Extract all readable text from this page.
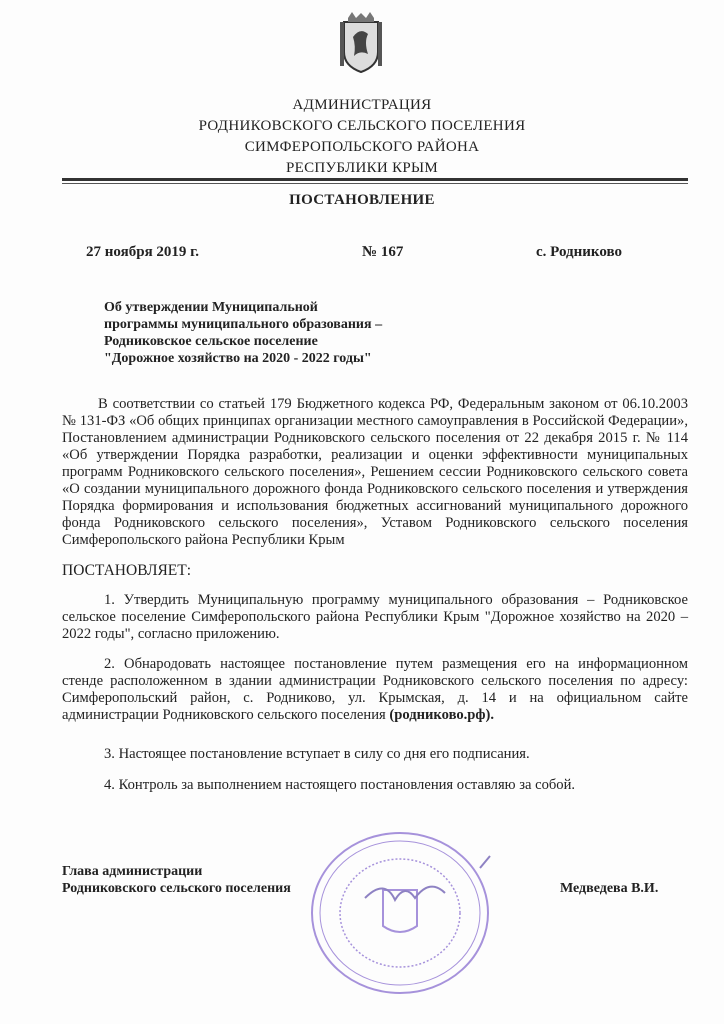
АДМИНИСТРАЦИЯ
РОДНИКОВСКОГО СЕЛЬСКОГО ПОСЕЛЕНИЯ
СИМФЕРОПОЛЬСКОГО РАЙОНА
РЕСПУБЛИКИ КРЫМ
ПОСТАНОВЛЕНИЕ
27 ноября 2019 г.	№ 167	с. Родниково
Об утверждении Муниципальной
программы муниципального образования –
Родниковское сельское поселение
"Дорожное хозяйство на 2020 - 2022 годы"
В соответствии со статьей 179 Бюджетного кодекса РФ, Федеральным законом от 06.10.2003
№ 131-ФЗ «Об общих принципах организации местного самоуправления в Российской Федерации»,
Постановлением администрации Родниковского сельского поселения от 22 декабря 2015 г. № 114
«Об утверждении Порядка разработки, реализации и оценки эффективности муниципальных
программ Родниковского сельского поселения», Решением сессии Родниковского сельского совета
«О создании муниципального дорожного фонда Родниковского сельского поселения и утверждения
Порядка формирования и использования бюджетных ассигнований муниципального дорожного
фонда Родниковского сельского поселения», Уставом Родниковского сельского поселения
Симферопольского района Республики Крым
ПОСТАНОВЛЯЕТ:
1. Утвердить Муниципальную программу муниципального образования – Родниковское
сельское поселение Симферопольского района Республики Крым "Дорожное хозяйство на 2020 –
2022 годы", согласно приложению.
2. Обнародовать настоящее постановление путем размещения его на информационном
стенде расположенном в здании администрации Родниковского сельского поселения по адресу:
Симферопольский район, с. Родниково, ул. Крымская, д. 14 и на официальном сайте
администрации Родниковского сельского поселения (родниково.рф).
3. Настоящее постановление вступает в силу со дня его подписания.
4. Контроль за выполнением настоящего постановления оставляю за собой.
Глава администрации
Родниковского сельского поселения	Медведева В.И.
